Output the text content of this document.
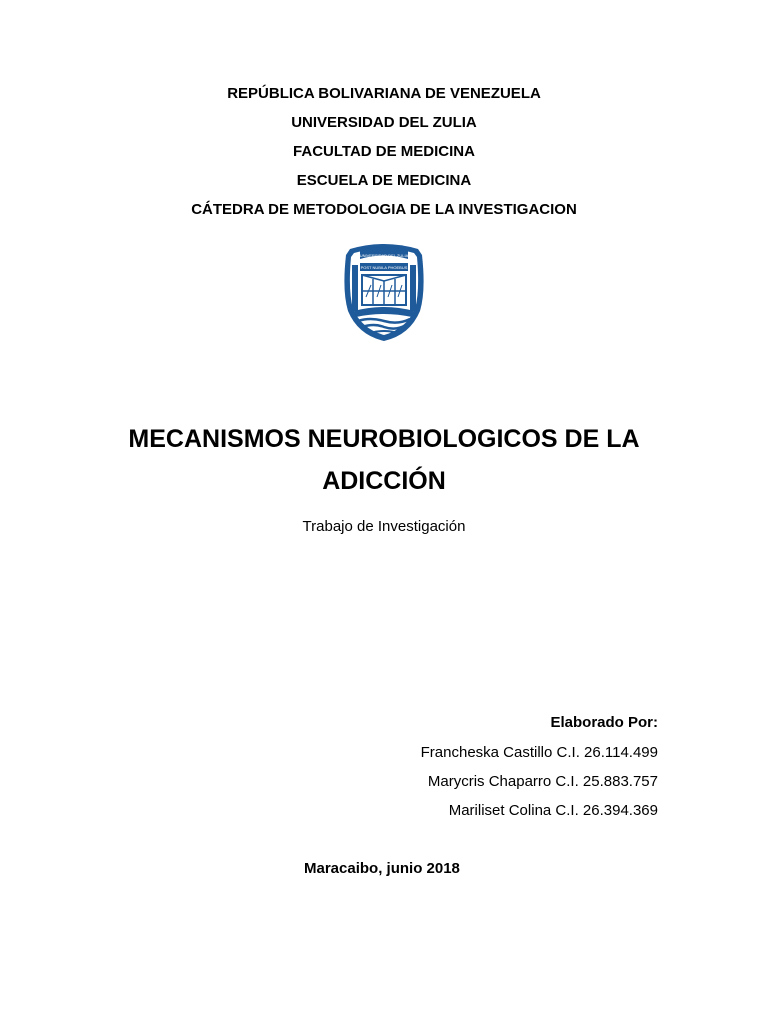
REPÚBLICA BOLIVARIANA DE VENEZUELA
UNIVERSIDAD DEL ZULIA
FACULTAD DE MEDICINA
ESCUELA DE MEDICINA
CÁTEDRA DE METODOLOGIA DE LA INVESTIGACION
UNIVERSIDAD DEL ZULIA
POST NUBILA PHOEBUS
MECANISMOS NEUROBIOLOGICOS DE LA
ADICCIÓN
Trabajo de Investigación
Elaborado Por:
Francheska Castillo C.I. 26.114.499
Marycris Chaparro C.I. 25.883.757
Mariliset Colina C.I. 26.394.369
Maracaibo, junio 2018
